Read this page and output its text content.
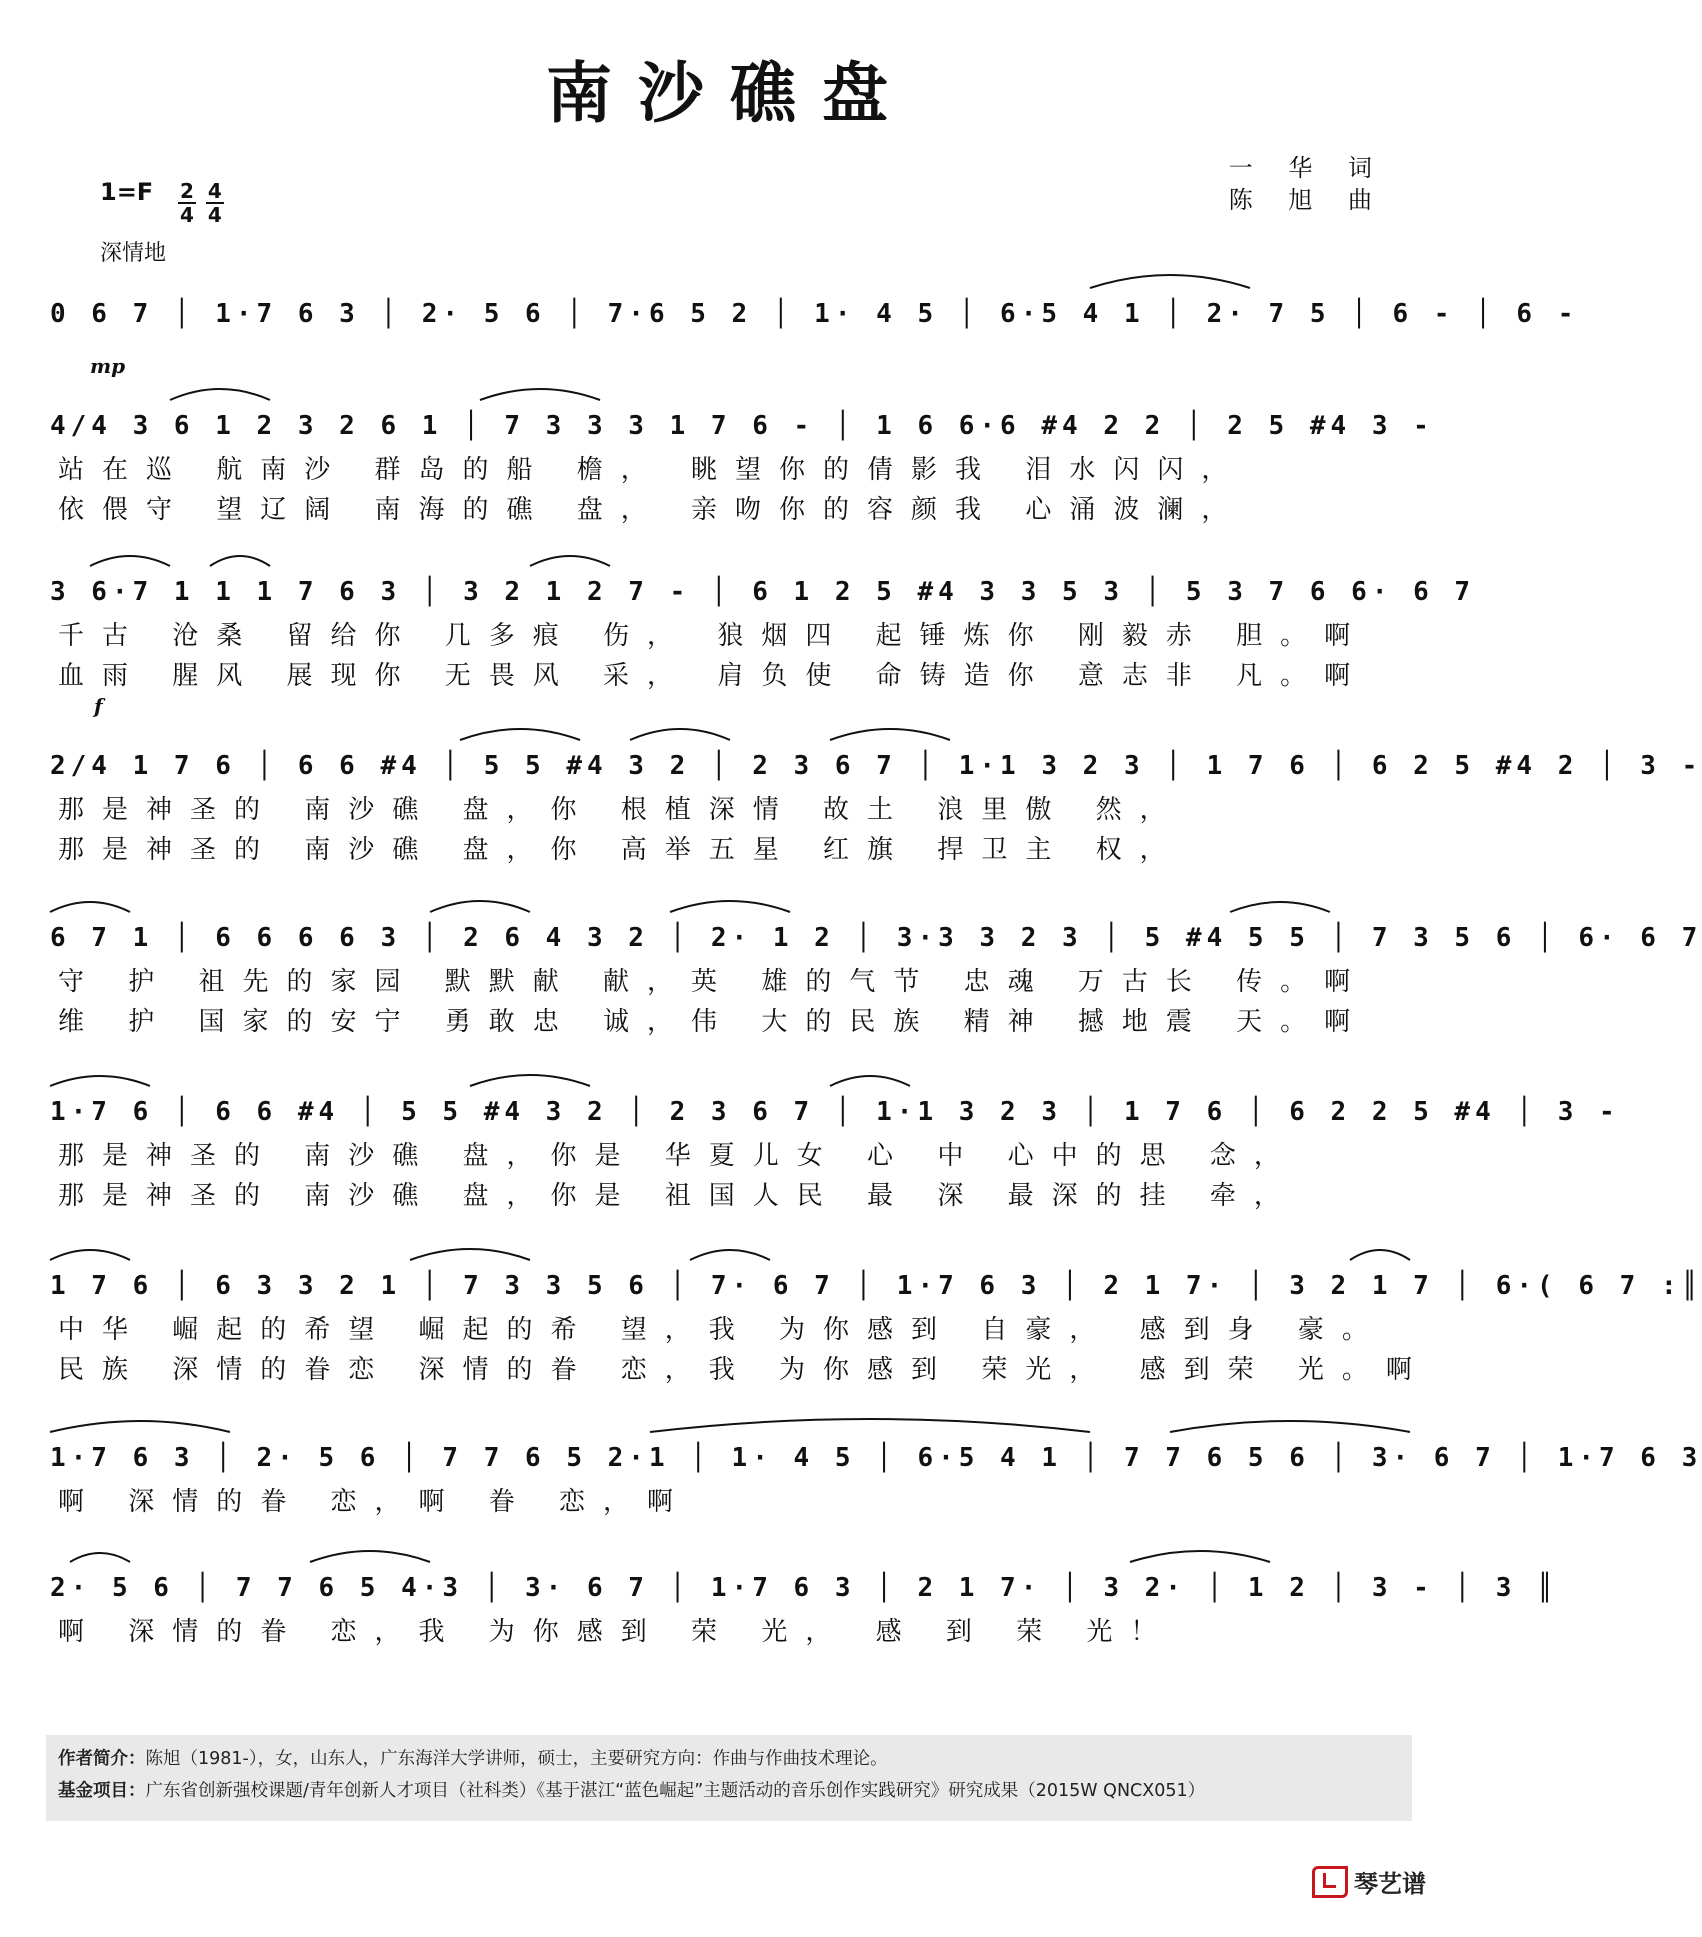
南沙礁盘
一 华 词
陈 旭 曲
$1=F \frac{2}{4} \frac{4}{4}$
深情地
0 6 7 │ 1·7 6 3 │ 2· 5 6 │ 7·6 5 2 │ 1· 4 5 │ 6·5 4 1 │ 2· 7 5 │ 6 - │ 6 -
mp
4/4 3 6 1 2 3 2 6 1 │ 7 3 3 3 1 7 6 - │ 1 6 6·6 #4 2 2 │ 2 5 #4 3 -
站在巡 航南沙 群岛的船 檐， 眺望你的倩影我 泪水闪闪，
依偎守 望辽阔 南海的礁 盘， 亲吻你的容颜我 心涌波澜，
3 6·7 1 1 1 7 6 3 │ 3 2 1 2 7 - │ 6 1 2 5 #4 3 3 5 3 │ 5 3 7 6 6· 6 7
千古 沧桑 留给你 几多痕 伤， 狼烟四 起锤炼你 刚毅赤 胆。啊
血雨 腥风 展现你 无畏风 采， 肩负使 命铸造你 意志非 凡。啊
f
2/4 1 7 6 │ 6 6 #4 │ 5 5 #4 3 2 │ 2 3 6 7 │ 1·1 3 2 3 │ 1 7 6 │ 6 2 5 #4 2 │ 3 -
那是神圣的 南沙礁 盘，你 根植深情 故土 浪里傲 然，
那是神圣的 南沙礁 盘，你 高举五星 红旗 捍卫主 权，
6 7 1 │ 6 6 6 6 3 │ 2 6 4 3 2 │ 2· 1 2 │ 3·3 3 2 3 │ 5 #4 5 5 │ 7 3 5 6 │ 6· 6 7
守 护 祖先的家园 默默献 献，英 雄的气节 忠魂 万古长 传。啊
维 护 国家的安宁 勇敢忠 诚，伟 大的民族 精神 撼地震 天。啊
1·7 6 │ 6 6 #4 │ 5 5 #4 3 2 │ 2 3 6 7 │ 1·1 3 2 3 │ 1 7 6 │ 6 2 2 5 #4 │ 3 -
那是神圣的 南沙礁 盘，你是 华夏儿女 心 中 心中的思 念，
那是神圣的 南沙礁 盘，你是 祖国人民 最 深 最深的挂 牵，
1 7 6 │ 6 3 3 2 1 │ 7 3 3 5 6 │ 7· 6 7 │ 1·7 6 3 │ 2 1 7· │ 3 2 1 7 │ 6·( 6 7 :║
中华 崛起的希望 崛起的希 望，我 为你感到 自豪， 感到身 豪。
民族 深情的眷恋 深情的眷 恋，我 为你感到 荣光， 感到荣 光。啊
1·7 6 3 │ 2· 5 6 │ 7 7 6 5 2·1 │ 1· 4 5 │ 6·5 4 1 │ 7 7 6 5 6 │ 3· 6 7 │ 1·7 6 3
啊 深情的眷 恋，啊 眷 恋，啊
2· 5 6 │ 7 7 6 5 4·3 │ 3· 6 7 │ 1·7 6 3 │ 2 1 7· │ 3 2· │ 1 2 │ 3 - │ 3 ║
啊 深情的眷 恋，我 为你感到 荣 光， 感 到 荣 光！
作者简介：陈旭（1981-），女，山东人，广东海洋大学讲师，硕士，主要研究方向：作曲与作曲技术理论。
基金项目：广东省创新强校课题/青年创新人才项目（社科类）《基于湛江“蓝色崛起”主题活动的音乐创作实践研究》研究成果（2015W QNCX051）
琴艺谱
